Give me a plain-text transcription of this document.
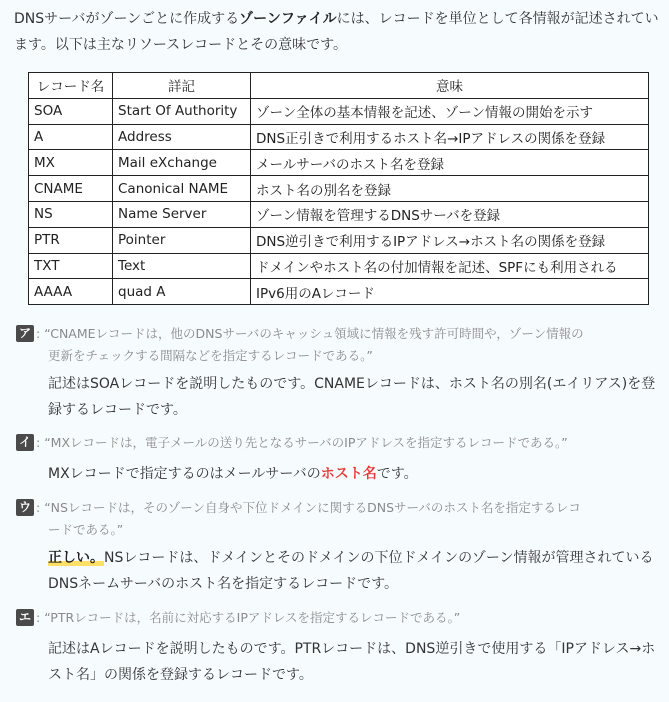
DNSサーバがゾーンごとに作成するゾーンファイルには、レコードを単位として各情報が記述されています。以下は主なリソースレコードとその意味です。
レコード名	詳記	意味
SOA	Start Of Authority	ゾーン全体の基本情報を記述、ゾーン情報の開始を示す
A	Address	DNS正引きで利用するホスト名→IPアドレスの関係を登録
MX	Mail eXchange	メールサーバのホスト名を登録
CNAME	Canonical NAME	ホスト名の別名を登録
NS	Name Server	ゾーン情報を管理するDNSサーバを登録
PTR	Pointer	DNS逆引きで利用するIPアドレス→ホスト名の関係を登録
TXT	Text	ドメインやホスト名の付加情報を記述、SPFにも利用される
AAAA	quad A	IPv6用のAレコード
ア : “CNAMEレコードは，他のDNSサーバのキャッシュ領域に情報を残す許可時間や，ゾーン情報の
更新をチェックする間隔などを指定するレコードである。”
記述はSOAレコードを説明したものです。CNAMEレコードは、ホスト名の別名(エイリアス)を登録するレコードです。
イ : “MXレコードは，電子メールの送り先となるサーバのIPアドレスを指定するレコードである。”
MXレコードで指定するのはメールサーバのホスト名です。
ウ : “NSレコードは，そのゾーン自身や下位ドメインに関するDNSサーバのホスト名を指定するレコ
ードである。”
正しい。NSレコードは、ドメインとそのドメインの下位ドメインのゾーン情報が管理されているDNSネームサーバのホスト名を指定するレコードです。
エ : “PTRレコードは，名前に対応するIPアドレスを指定するレコードである。”
記述はAレコードを説明したものです。PTRレコードは、DNS逆引きで使用する「IPアドレス→ホスト名」の関係を登録するレコードです。
